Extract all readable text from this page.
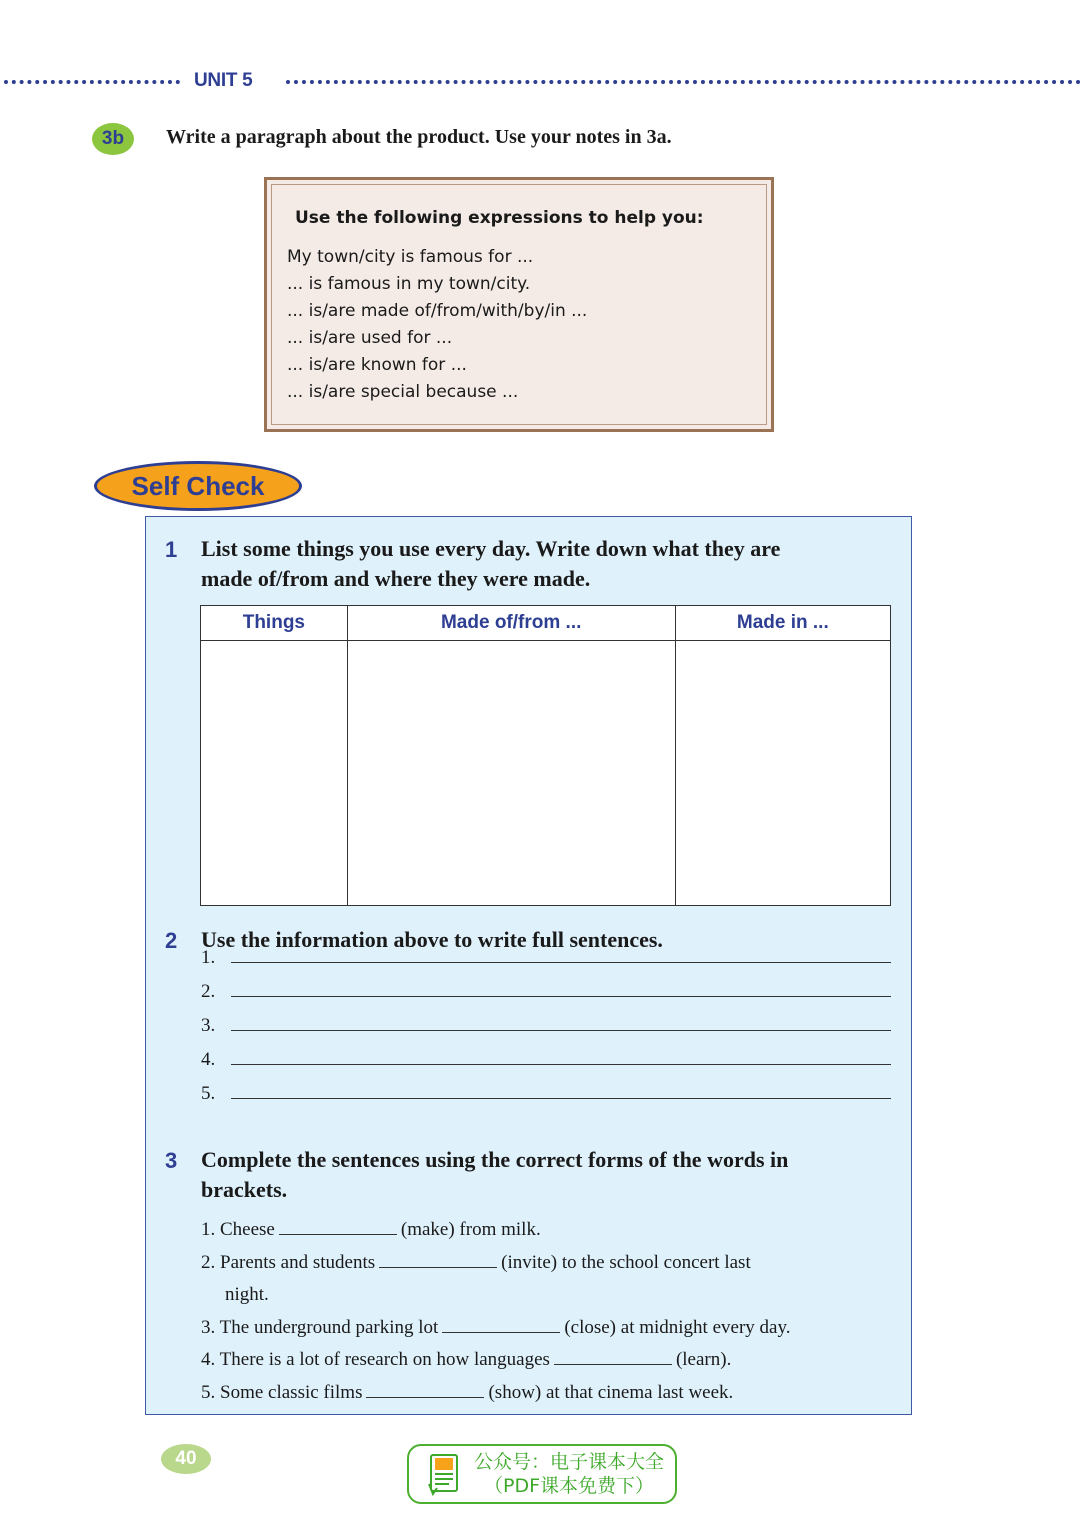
UNIT 5
3b	Write a paragraph about the product. Use your notes in 3a.
Use the following expressions to help you:
My town/city is famous for ...
... is famous in my town/city.
... is/are made of/from/with/by/in ...
... is/are used for ...
... is/are known for ...
... is/are special because ...
Self Check
1 List some things you use every day. Write down what they are
made of/from and where they were made.
Things	Made of/from ...	Made in ...

2 Use the information above to write full sentences.
1.
2.
3.
4.
5.
3 Complete the sentences using the correct forms of the words in
brackets.
1. Cheese	(make) from milk.
2. Parents and students	(invite) to the school concert last
night.
3. The underground parking lot	(close) at midnight every day.
4. There is a lot of research on how languages	(learn).
5. Some classic films	(show) at that cinema last week.
40	公众号：电子课本大全
（PDF课本免费下）
